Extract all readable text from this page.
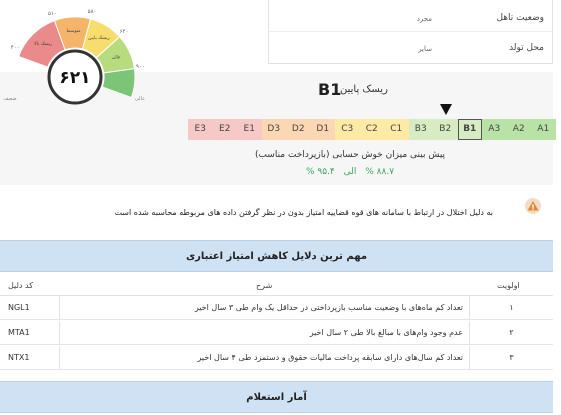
وضعیت تاهل
مجرد
محل تولد
سایر
۶۲۱
۴۰۰
۵۱۰	۵۸۰
۶۴۰
۹۰۰
ریسک بالا
متوسط
ریسک پایین
عالی
ضعیف	عالی
ریسک پایین
B1
E3	E2	E1	D3	D2	D1	C3	C2	C1	B3	B2	B1	A3	A2	A1
پیش بینی میزان خوش حسابی (بازپرداخت مناسب)
۸۸.۷ % الی ۹۵.۴ %
به دلیل اختلال در ارتباط با سامانه های قوه قضاییه امتیاز بدون در نظر گرفتن داده های مربوطه محاسبه شده است
مهم ترین دلایل کاهش امتیاز اعتباری
کد دلیل	شرح	اولویت
NGL1	تعداد کم ماه‌های با وضعیت مناسب بازپرداختی در حداقل یک وام طی ۳ سال اخیر	۱
MTA1	عدم وجود وام‌های با مبالغ بالا طی ۲ سال اخیر	۲
NTX1	تعداد کم سال‌های دارای سابقه پرداخت مالیات حقوق و دستمزد طی ۴ سال اخیر	۳
آمار استعلام
